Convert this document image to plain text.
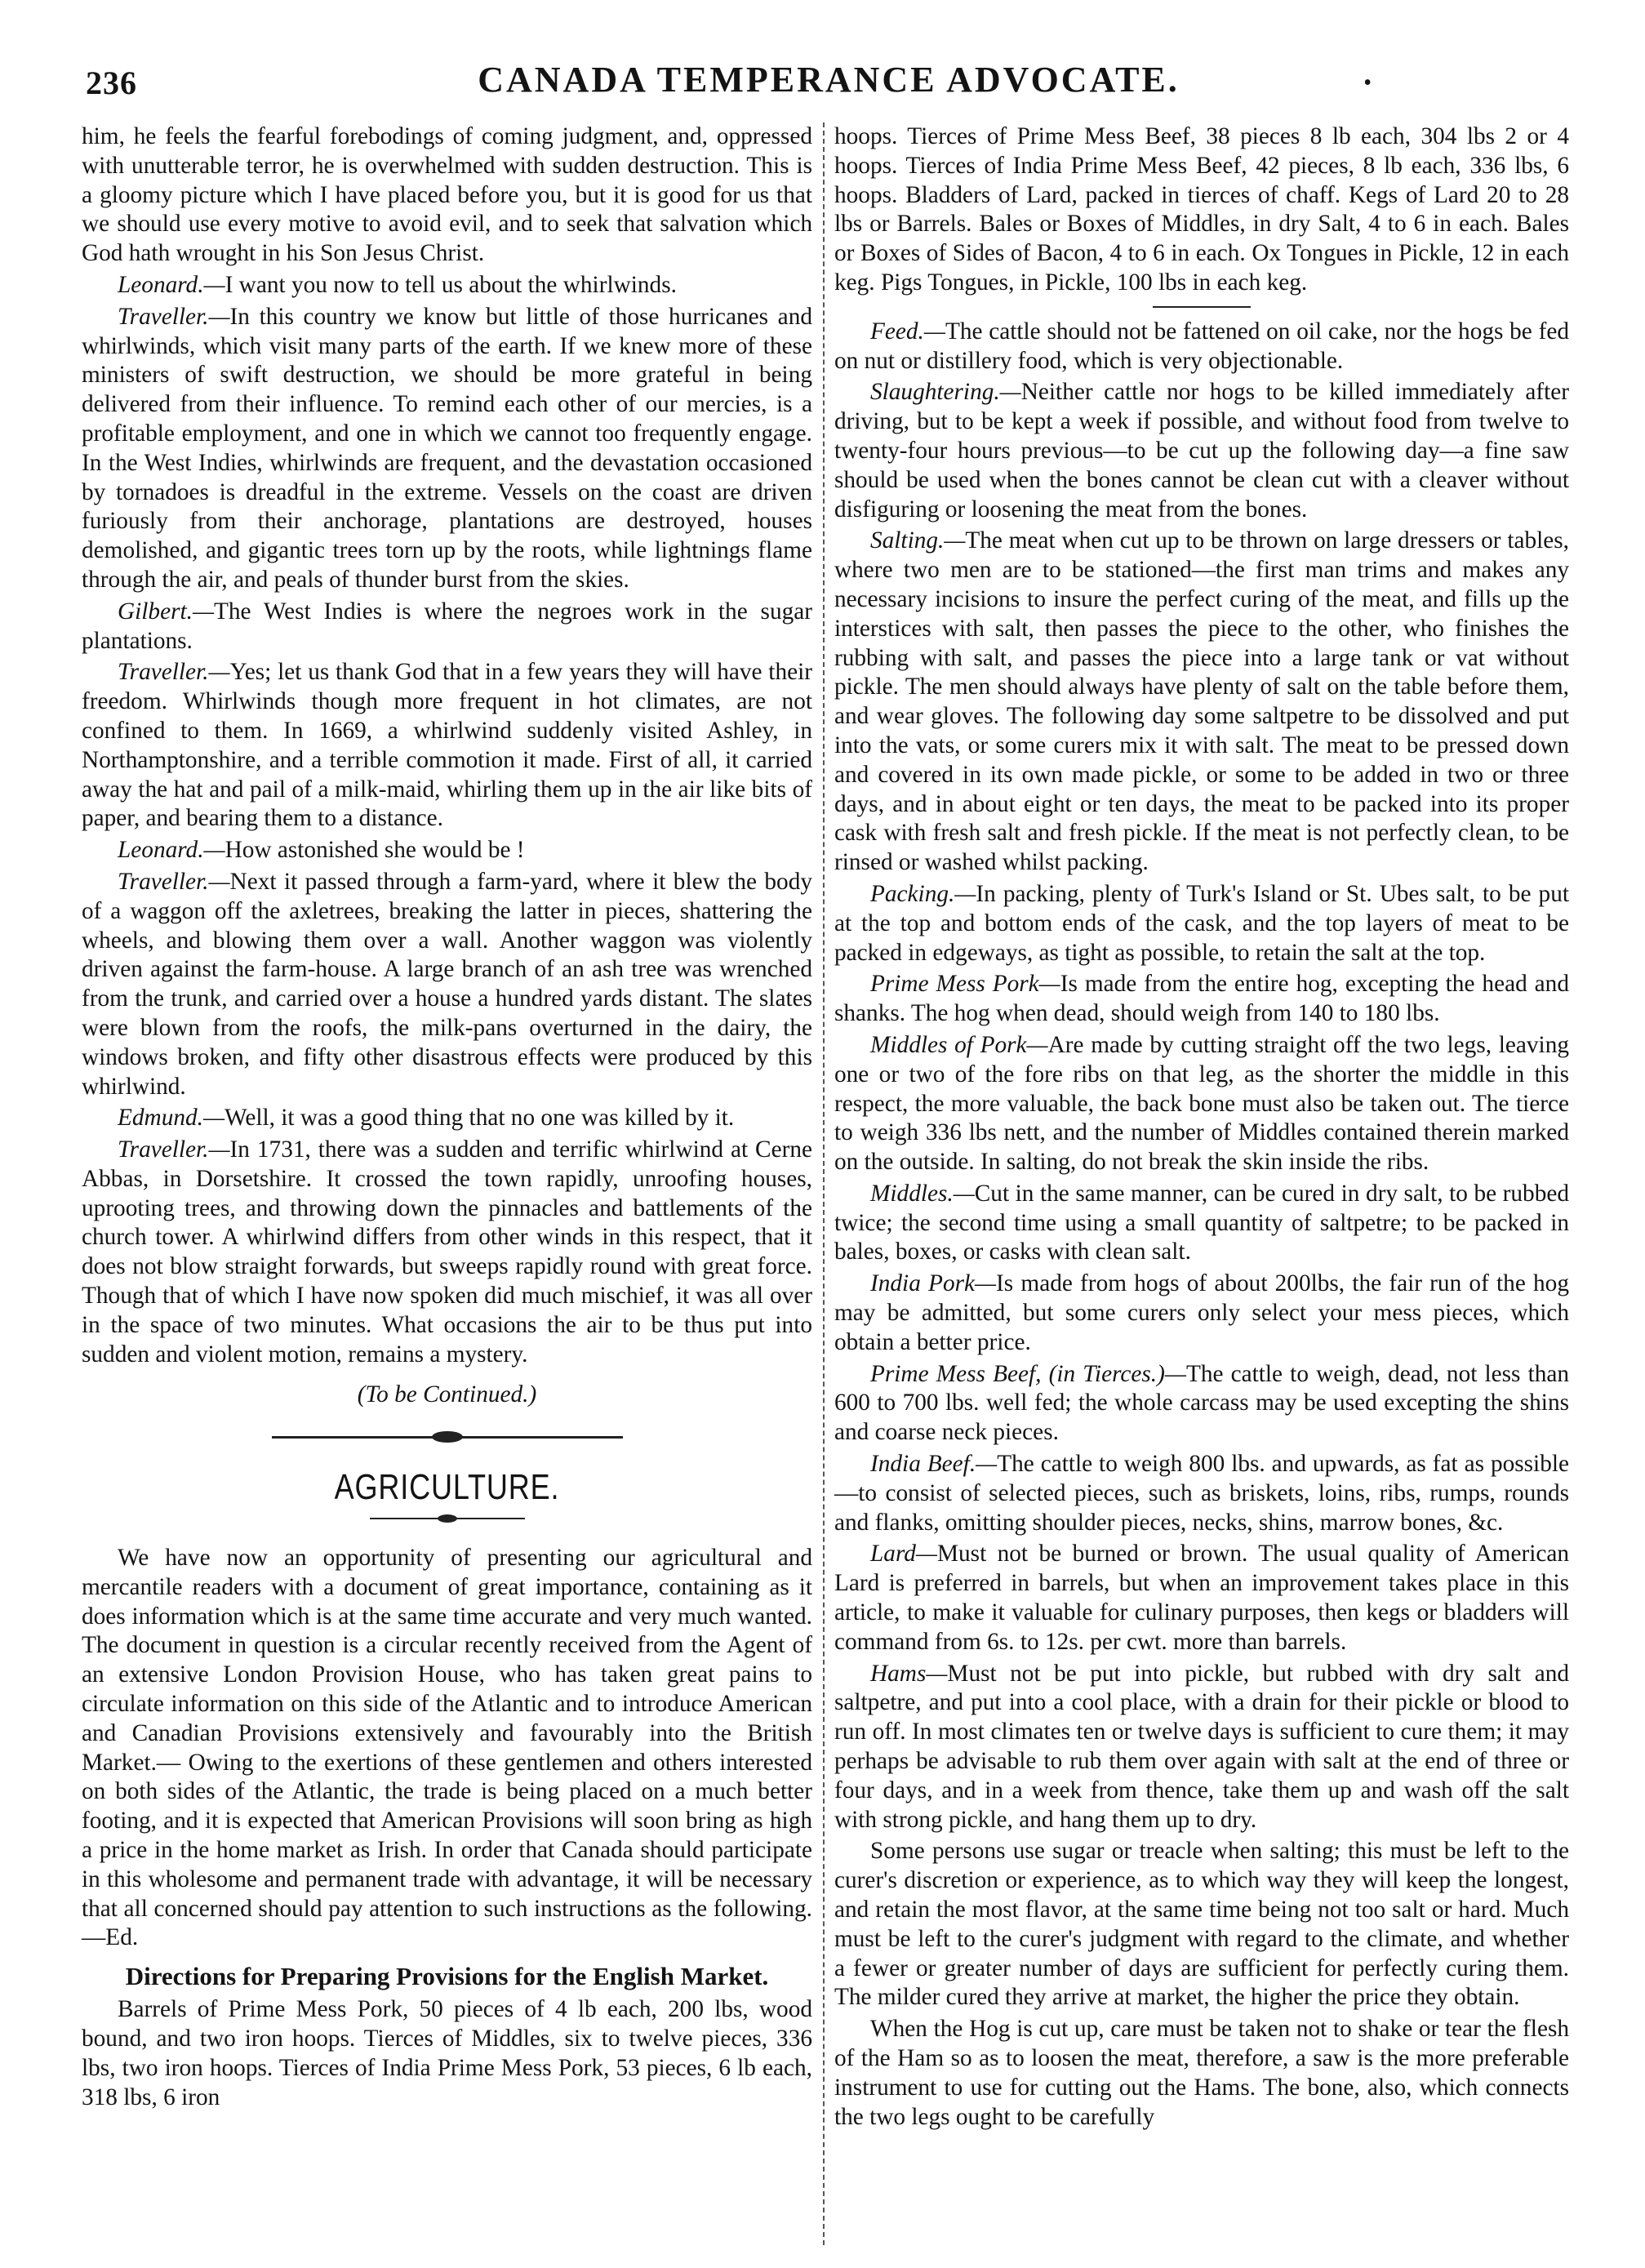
236	CANADA TEMPERANCE ADVOCATE.	•

him, he feels the fearful forebodings of coming judgment, and, oppressed with unutterable terror, he is overwhelmed with sudden destruction. This is a gloomy picture which I have placed before you, but it is good for us that we should use every motive to avoid evil, and to seek that salvation which God hath wrought in his Son Jesus Christ.

Leonard.—I want you now to tell us about the whirlwinds.

Traveller.—In this country we know but little of those hurricanes and whirlwinds, which visit many parts of the earth. If we knew more of these ministers of swift destruction, we should be more grateful in being delivered from their influence. To remind each other of our mercies, is a profitable employment, and one in which we cannot too frequently engage. In the West Indies, whirlwinds are frequent, and the devastation occasioned by tornadoes is dreadful in the extreme. Vessels on the coast are driven furiously from their anchorage, plantations are destroyed, houses demolished, and gigantic trees torn up by the roots, while lightnings flame through the air, and peals of thunder burst from the skies.

Gilbert.—The West Indies is where the negroes work in the sugar plantations.

Traveller.—Yes; let us thank God that in a few years they will have their freedom. Whirlwinds though more frequent in hot climates, are not confined to them. In 1669, a whirlwind suddenly visited Ashley, in Northamptonshire, and a terrible commotion it made. First of all, it carried away the hat and pail of a milk-maid, whirling them up in the air like bits of paper, and bearing them to a distance.

Leonard.—How astonished she would be !

Traveller.—Next it passed through a farm-yard, where it blew the body of a waggon off the axletrees, breaking the latter in pieces, shattering the wheels, and blowing them over a wall. Another waggon was violently driven against the farm-house. A large branch of an ash tree was wrenched from the trunk, and carried over a house a hundred yards distant. The slates were blown from the roofs, the milk-pans overturned in the dairy, the windows broken, and fifty other disastrous effects were produced by this whirlwind.

Edmund.—Well, it was a good thing that no one was killed by it.

Traveller.—In 1731, there was a sudden and terrific whirlwind at Cerne Abbas, in Dorsetshire. It crossed the town rapidly, unroofing houses, uprooting trees, and throwing down the pinnacles and battlements of the church tower. A whirlwind differs from other winds in this respect, that it does not blow straight forwards, but sweeps rapidly round with great force. Though that of which I have now spoken did much mischief, it was all over in the space of two minutes. What occasions the air to be thus put into sudden and violent motion, remains a mystery.

(To be Continued.)

AGRICULTURE.

We have now an opportunity of presenting our agricultural and mercantile readers with a document of great importance, containing as it does information which is at the same time accurate and very much wanted. The document in question is a circular recently received from the Agent of an extensive London Provision House, who has taken great pains to circulate information on this side of the Atlantic and to introduce American and Canadian Provisions extensively and favourably into the British Market.— Owing to the exertions of these gentlemen and others interested on both sides of the Atlantic, the trade is being placed on a much better footing, and it is expected that American Provisions will soon bring as high a price in the home market as Irish. In order that Canada should participate in this wholesome and permanent trade with advantage, it will be necessary that all concerned should pay attention to such instructions as the following.—Ed.

Directions for Preparing Provisions for the English Market.

Barrels of Prime Mess Pork, 50 pieces of 4 lb each, 200 lbs, wood bound, and two iron hoops. Tierces of Middles, six to twelve pieces, 336 lbs, two iron hoops. Tierces of India Prime Mess Pork, 53 pieces, 6 lb each, 318 lbs, 6 iron

hoops. Tierces of Prime Mess Beef, 38 pieces 8 lb each, 304 lbs 2 or 4 hoops. Tierces of India Prime Mess Beef, 42 pieces, 8 lb each, 336 lbs, 6 hoops. Bladders of Lard, packed in tierces of chaff. Kegs of Lard 20 to 28 lbs or Barrels. Bales or Boxes of Middles, in dry Salt, 4 to 6 in each. Bales or Boxes of Sides of Bacon, 4 to 6 in each. Ox Tongues in Pickle, 12 in each keg. Pigs Tongues, in Pickle, 100 lbs in each keg.

Feed.—The cattle should not be fattened on oil cake, nor the hogs be fed on nut or distillery food, which is very objectionable.

Slaughtering.—Neither cattle nor hogs to be killed immediately after driving, but to be kept a week if possible, and without food from twelve to twenty-four hours previous—to be cut up the following day—a fine saw should be used when the bones cannot be clean cut with a cleaver without disfiguring or loosening the meat from the bones.

Salting.—The meat when cut up to be thrown on large dressers or tables, where two men are to be stationed—the first man trims and makes any necessary incisions to insure the perfect curing of the meat, and fills up the interstices with salt, then passes the piece to the other, who finishes the rubbing with salt, and passes the piece into a large tank or vat without pickle. The men should always have plenty of salt on the table before them, and wear gloves. The following day some saltpetre to be dissolved and put into the vats, or some curers mix it with salt. The meat to be pressed down and covered in its own made pickle, or some to be added in two or three days, and in about eight or ten days, the meat to be packed into its proper cask with fresh salt and fresh pickle. If the meat is not perfectly clean, to be rinsed or washed whilst packing.

Packing.—In packing, plenty of Turk's Island or St. Ubes salt, to be put at the top and bottom ends of the cask, and the top layers of meat to be packed in edgeways, as tight as possible, to retain the salt at the top.

Prime Mess Pork—Is made from the entire hog, excepting the head and shanks. The hog when dead, should weigh from 140 to 180 lbs.

Middles of Pork—Are made by cutting straight off the two legs, leaving one or two of the fore ribs on that leg, as the shorter the middle in this respect, the more valuable, the back bone must also be taken out. The tierce to weigh 336 lbs nett, and the number of Middles contained therein marked on the outside. In salting, do not break the skin inside the ribs.

Middles.—Cut in the same manner, can be cured in dry salt, to be rubbed twice; the second time using a small quantity of saltpetre; to be packed in bales, boxes, or casks with clean salt.

India Pork—Is made from hogs of about 200lbs, the fair run of the hog may be admitted, but some curers only select your mess pieces, which obtain a better price.

Prime Mess Beef, (in Tierces.)—The cattle to weigh, dead, not less than 600 to 700 lbs. well fed; the whole carcass may be used excepting the shins and coarse neck pieces.

India Beef.—The cattle to weigh 800 lbs. and upwards, as fat as possible—to consist of selected pieces, such as briskets, loins, ribs, rumps, rounds and flanks, omitting shoulder pieces, necks, shins, marrow bones, &c.

Lard—Must not be burned or brown. The usual quality of American Lard is preferred in barrels, but when an improvement takes place in this article, to make it valuable for culinary purposes, then kegs or bladders will command from 6s. to 12s. per cwt. more than barrels.

Hams—Must not be put into pickle, but rubbed with dry salt and saltpetre, and put into a cool place, with a drain for their pickle or blood to run off. In most climates ten or twelve days is sufficient to cure them; it may perhaps be advisable to rub them over again with salt at the end of three or four days, and in a week from thence, take them up and wash off the salt with strong pickle, and hang them up to dry.

Some persons use sugar or treacle when salting; this must be left to the curer's discretion or experience, as to which way they will keep the longest, and retain the most flavor, at the same time being not too salt or hard. Much must be left to the curer's judgment with regard to the climate, and whether a fewer or greater number of days are sufficient for perfectly curing them. The milder cured they arrive at market, the higher the price they obtain.

When the Hog is cut up, care must be taken not to shake or tear the flesh of the Ham so as to loosen the meat, therefore, a saw is the more preferable instrument to use for cutting out the Hams. The bone, also, which connects the two legs ought to be carefully
